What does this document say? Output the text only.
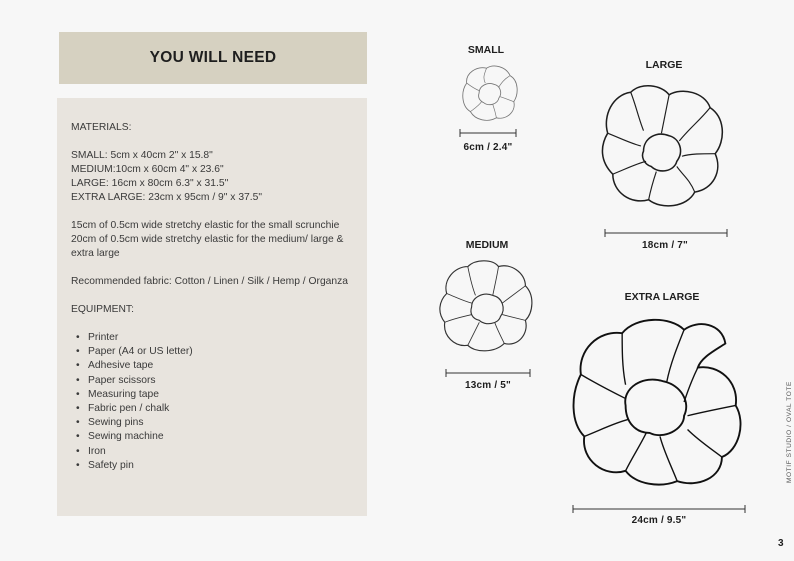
YOU WILL NEED

MATERIALS:

SMALL: 5cm x 40cm 2" x 15.8"

MEDIUM:10cm x 60cm 4" x 23.6"

LARGE: 16cm x 80cm 6.3" x 31.5"

EXTRA LARGE: 23cm x 95cm / 9" x 37.5"

15cm of 0.5cm wide stretchy elastic for the small scrunchie

20cm of 0.5cm wide stretchy elastic for the medium/ large & extra large

Recommended fabric: Cotton / Linen / Silk / Hemp / Organza

EQUIPMENT:

• Printer
• Paper (A4 or US letter)
• Adhesive tape
• Paper scissors
• Measuring tape
• Fabric pen / chalk
• Sewing pins
• Sewing machine
• Iron
• Safety pin
SMALL
6cm / 2.4"
LARGE
18cm / 7"
MEDIUM
13cm / 5"
EXTRA LARGE
24cm / 9.5"
MOTIF STUDIO / OVAL TOTE
3
